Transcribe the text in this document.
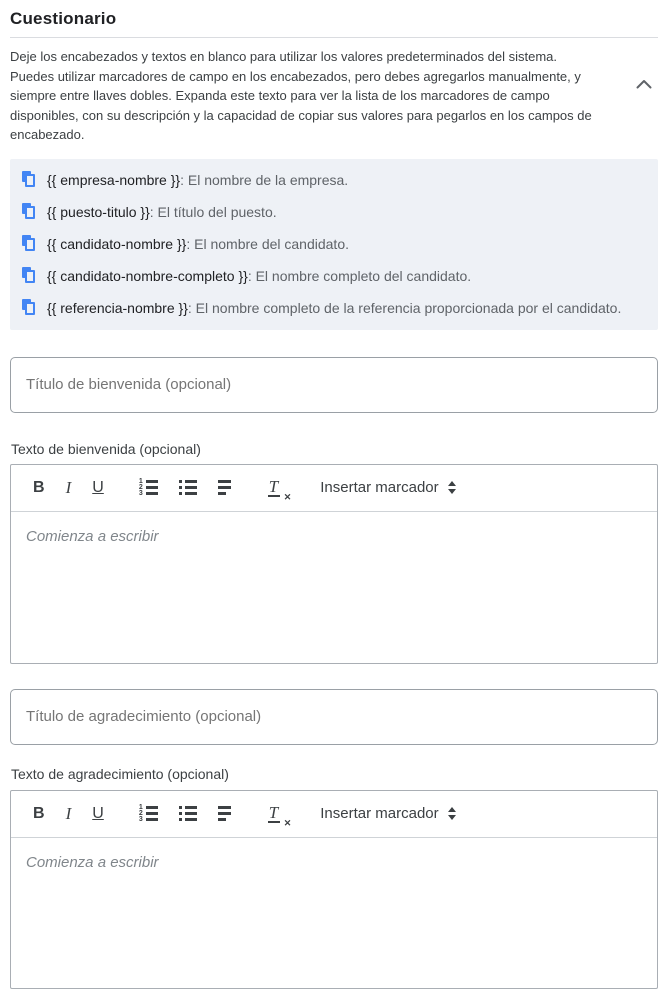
Cuestionario

Deje los encabezados y textos en blanco para utilizar los valores predeterminados del sistema. Puedes utilizar marcadores de campo en los encabezados, pero debes agregarlos manualmente, y siempre entre llaves dobles. Expanda este texto para ver la lista de los marcadores de campo disponibles, con su descripción y la capacidad de copiar sus valores para pegarlos en los campos de encabezado.

{{ empresa-nombre }}: El nombre de la empresa.
{{ puesto-titulo }}: El título del puesto.
{{ candidato-nombre }}: El nombre del candidato.
{{ candidato-nombre-completo }}: El nombre completo del candidato.
{{ referencia-nombre }}: El nombre completo de la referencia proporcionada por el candidato.
Título de bienvenida (opcional)
Texto de bienvenida (opcional)
B I U	1
2
3	T
✕
Insertar marcador
Comienza a escribir
Título de agradecimiento (opcional)
Texto de agradecimiento (opcional)
B I U	1
2
3	T
✕
Insertar marcador
Comienza a escribir
